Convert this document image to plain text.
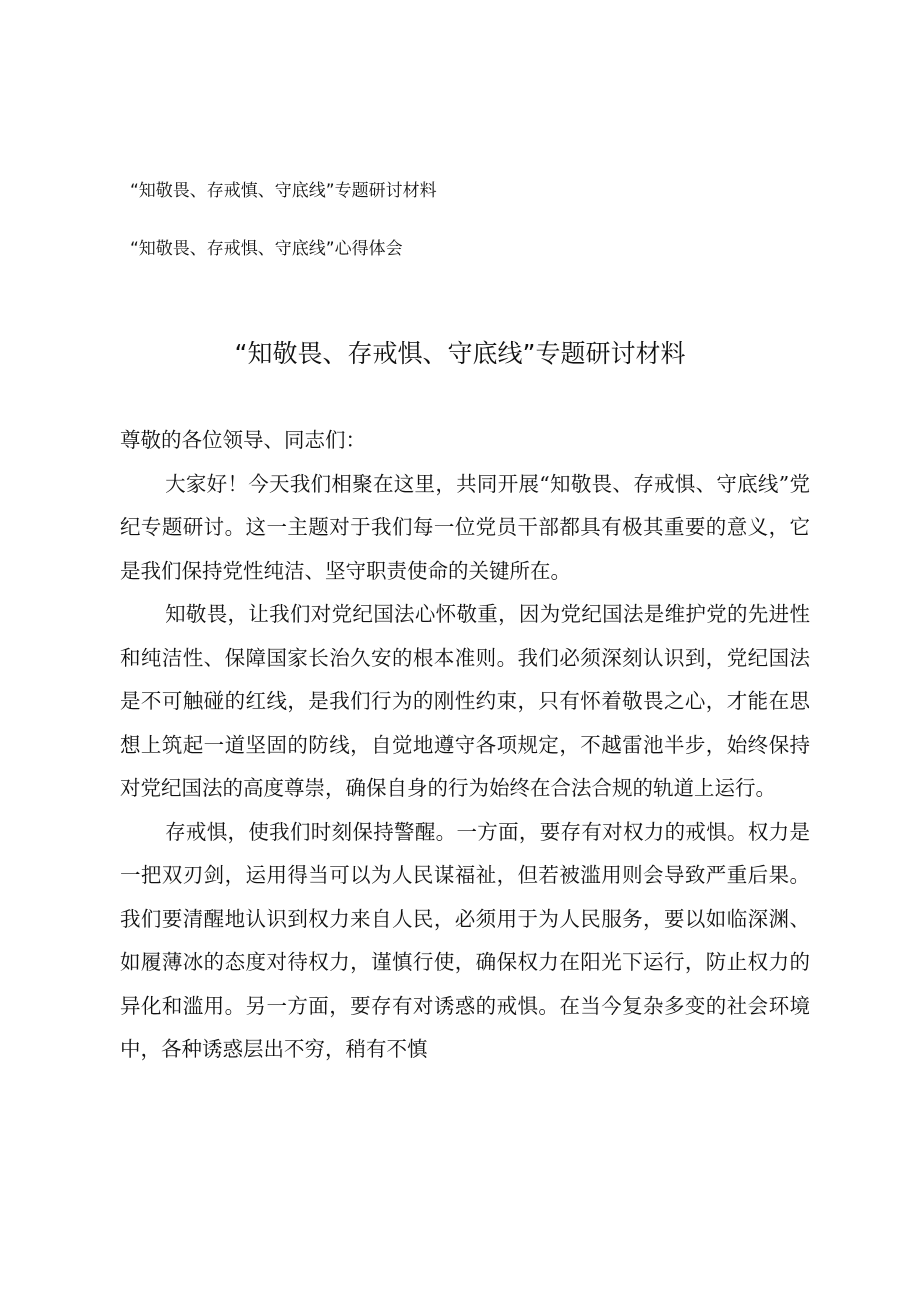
“知敬畏、存戒慎、守底线”专题研讨材料
“知敬畏、存戒惧、守底线”心得体会
“知敬畏、存戒惧、守底线”专题研讨材料

尊敬的各位领导、同志们：

大家好！今天我们相聚在这里，共同开展“知敬畏、存戒惧、守底线”党纪专题研讨。这一主题对于我们每一位党员干部都具有极其重要的意义，它是我们保持党性纯洁、坚守职责使命的关键所在。

知敬畏，让我们对党纪国法心怀敬重，因为党纪国法是维护党的先进性和纯洁性、保障国家长治久安的根本准则。我们必须深刻认识到，党纪国法是不可触碰的红线，是我们行为的刚性约束，只有怀着敬畏之心，才能在思想上筑起一道坚固的防线，自觉地遵守各项规定，不越雷池半步，始终保持对党纪国法的高度尊崇，确保自身的行为始终在合法合规的轨道上运行。

存戒惧，使我们时刻保持警醒。一方面，要存有对权力的戒惧。权力是一把双刃剑，运用得当可以为人民谋福祉，但若被滥用则会导致严重后果。我们要清醒地认识到权力来自人民，必须用于为人民服务，要以如临深渊、如履薄冰的态度对待权力，谨慎行使，确保权力在阳光下运行，防止权力的异化和滥用。另一方面，要存有对诱惑的戒惧。在当今复杂多变的社会环境中，各种诱惑层出不穷，稍有不慎
